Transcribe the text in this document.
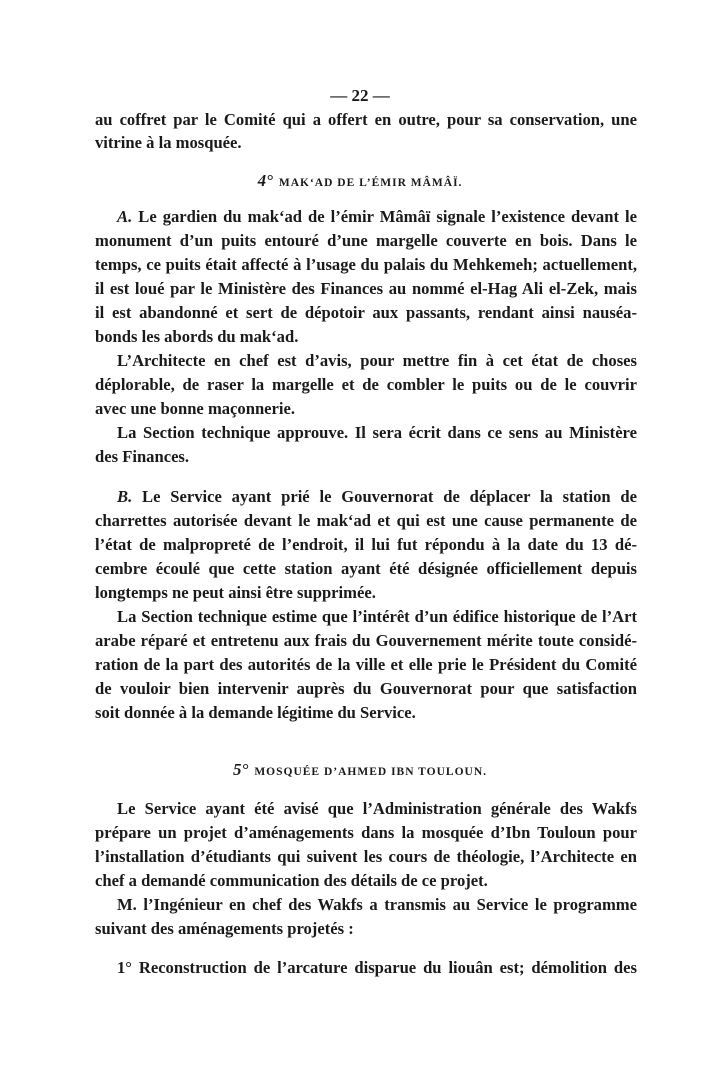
— 22 —
au coffret par le Comité qui a offert en outre, pour sa conservation, une
vitrine à la mosquée.
4° MAK‘AD DE L’ÉMIR MÂMÂÏ.
A. Le gardien du mak‘ad de l’émir Mâmâï signale l’existence devant le
monument d’un puits entouré d’une margelle couverte en bois. Dans le
temps, ce puits était affecté à l’usage du palais du Mehkemeh; actuellement,
il est loué par le Ministère des Finances au nommé el-Hag Ali el-Zek, mais
il est abandonné et sert de dépotoir aux passants, rendant ainsi nauséa-
bonds les abords du mak‘ad.
L’Architecte en chef est d’avis, pour mettre fin à cet état de choses
déplorable, de raser la margelle et de combler le puits ou de le couvrir
avec une bonne maçonnerie.
La Section technique approuve. Il sera écrit dans ce sens au Ministère
des Finances.
B. Le Service ayant prié le Gouvernorat de déplacer la station de
charrettes autorisée devant le mak‘ad et qui est une cause permanente de
l’état de malpropreté de l’endroit, il lui fut répondu à la date du 13 dé-
cembre écoulé que cette station ayant été désignée officiellement depuis
longtemps ne peut ainsi être supprimée.
La Section technique estime que l’intérêt d’un édifice historique de l’Art
arabe réparé et entretenu aux frais du Gouvernement mérite toute considé-
ration de la part des autorités de la ville et elle prie le Président du Comité
de vouloir bien intervenir auprès du Gouvernorat pour que satisfaction
soit donnée à la demande légitime du Service.
5° MOSQUÉE D’AHMED IBN TOULOUN.
Le Service ayant été avisé que l’Administration générale des Wakfs
prépare un projet d’aménagements dans la mosquée d’Ibn Touloun pour
l’installation d’étudiants qui suivent les cours de théologie, l’Architecte en
chef a demandé communication des détails de ce projet.
M. l’Ingénieur en chef des Wakfs a transmis au Service le programme
suivant des aménagements projetés :
1° Reconstruction de l’arcature disparue du liouân est; démolition des
